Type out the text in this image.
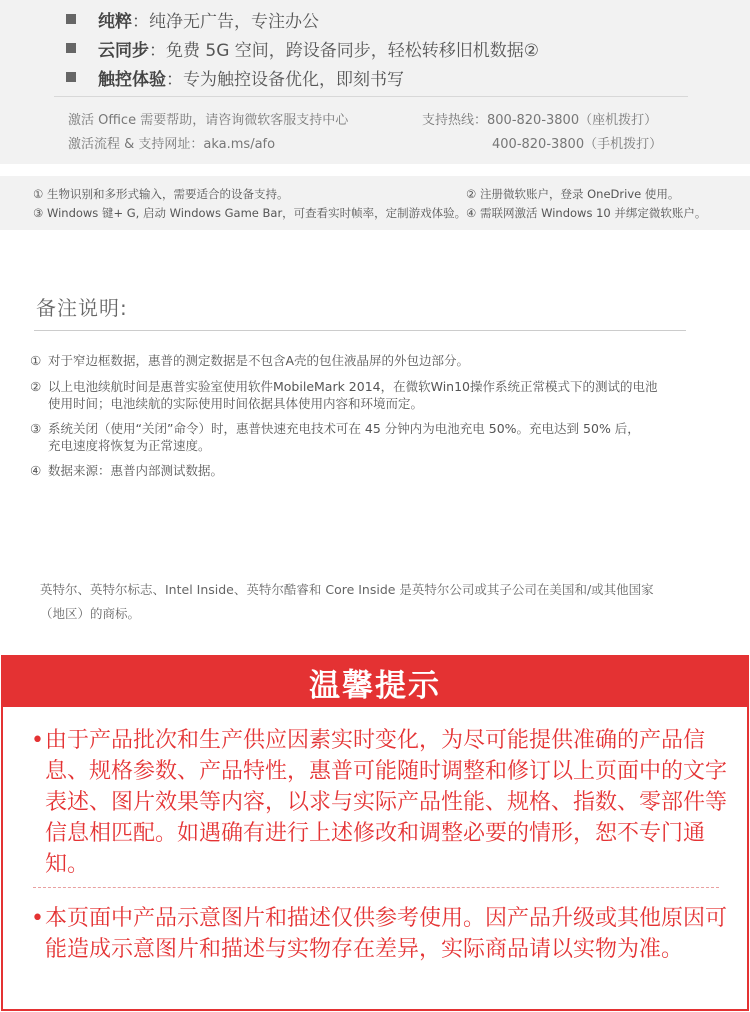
纯粹 ：纯净无广告，专注办公
云同步 ：免费 5G 空间，跨设备同步，轻松转移旧机数据②
触控体验 ：专为触控设备优化，即刻书写
激活 Office 需要帮助，请咨询微软客服支持中心
激活流程 & 支持网址：aka.ms/afo
支持热线：800-820-3800（座机拨打）
400-820-3800（手机拨打）
① 生物识别和多形式输入，需要适合的设备支持。	② 注册微软账户，登录 OneDrive 使用。
③ Windows 键+ G, 启动 Windows Game Bar，可查看实时帧率，定制游戏体验。 ④ 需联网激活 Windows 10 并绑定微软账户。
备注说明:
① 对于窄边框数据，惠普的测定数据是不包含A壳的包住液晶屏的外包边部分。
② 以上电池续航时间是惠普实验室使用软件MobileMark 2014，在微软Win10操作系统正常模式下的测试的电池
使用时间；电池续航的实际使用时间依据具体使用内容和环境而定。
③ 系统关闭（使用“关闭”命令）时，惠普快速充电技术可在 45 分钟内为电池充电 50%。充电达到 50% 后，
充电速度将恢复为正常速度。
④ 数据来源：惠普内部测试数据。
英特尔、英特尔标志、Intel Inside、英特尔酷睿和 Core Inside 是英特尔公司或其子公司在美国和/或其他国家
（地区）的商标。
温馨提示
• 由于产品批次和生产供应因素实时变化，为尽可能提供准确的产品信息、规格参数、产品特性，惠普可能随时调整和修订以上页面中的文字表述、图片效果等内容，以求与实际产品性能、规格、指数、零部件等信息相匹配。如遇确有进行上述修改和调整必要的情形，恕不专门通知。
• 本页面中产品示意图片和描述仅供参考使用。因产品升级或其他原因可能造成示意图片和描述与实物存在差异，实际商品请以实物为准。
